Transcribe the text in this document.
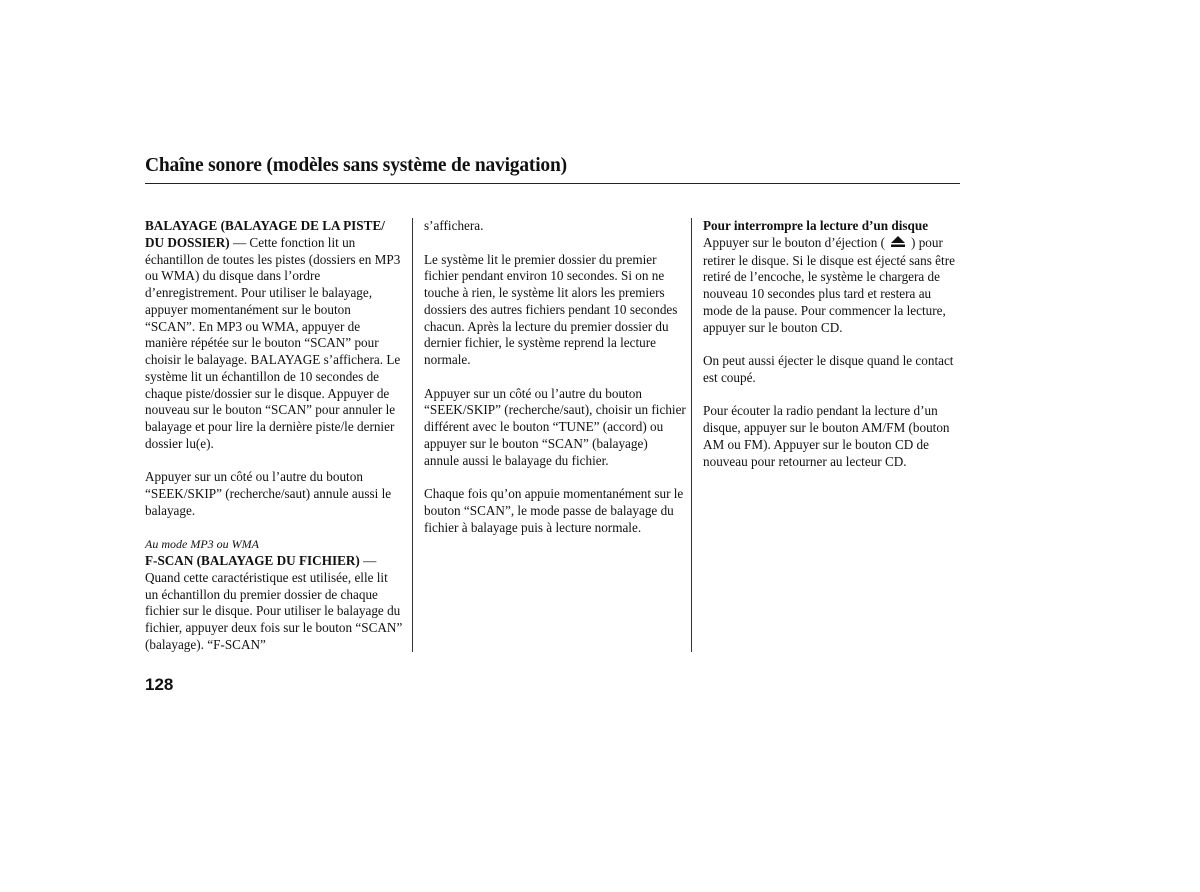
Chaîne sonore (modèles sans système de navigation)

BALAYAGE (BALAYAGE DE LA PISTE/ DU DOSSIER) — Cette fonction lit un échantillon de toutes les pistes (dossiers en MP3 ou WMA) du disque dans l’ordre d’enregistrement. Pour utiliser le balayage, appuyer momentanément sur le bouton “SCAN”. En MP3 ou WMA, appuyer de manière répétée sur le bouton “SCAN” pour choisir le balayage. BALAYAGE s’affichera. Le système lit un échantillon de 10 secondes de chaque piste/dossier sur le disque. Appuyer de nouveau sur le bouton “SCAN” pour annuler le balayage et pour lire la dernière piste/le dernier dossier lu(e).

Appuyer sur un côté ou l’autre du bouton “SEEK/SKIP” (recherche/saut) annule aussi le balayage.

Au mode MP3 ou WMA

F-SCAN (BALAYAGE DU FICHIER) — Quand cette caractéristique est utilisée, elle lit un échantillon du premier dossier de chaque fichier sur le disque. Pour utiliser le balayage du fichier, appuyer deux fois sur le bouton “SCAN” (balayage). “F-SCAN”

s’affichera.

Le système lit le premier dossier du premier fichier pendant environ 10 secondes. Si on ne touche à rien, le système lit alors les premiers dossiers des autres fichiers pendant 10 secondes chacun. Après la lecture du premier dossier du dernier fichier, le système reprend la lecture normale.

Appuyer sur un côté ou l’autre du bouton “SEEK/SKIP” (recherche/saut), choisir un fichier différent avec le bouton “TUNE” (accord) ou appuyer sur le bouton “SCAN” (balayage) annule aussi le balayage du fichier.

Chaque fois qu’on appuie momentanément sur le bouton “SCAN”, le mode passe de balayage du fichier à balayage puis à lecture normale.

Pour interrompre la lecture d’un disque

Appuyer sur le bouton d’éjection ( ) pour retirer le disque. Si le disque est éjecté sans être retiré de l’encoche, le système le chargera de nouveau 10 secondes plus tard et restera au mode de la pause. Pour commencer la lecture, appuyer sur le bouton CD.

On peut aussi éjecter le disque quand le contact est coupé.

Pour écouter la radio pendant la lecture d’un disque, appuyer sur le bouton AM/FM (bouton AM ou FM). Appuyer sur le bouton CD de nouveau pour retourner au lecteur CD.

128
